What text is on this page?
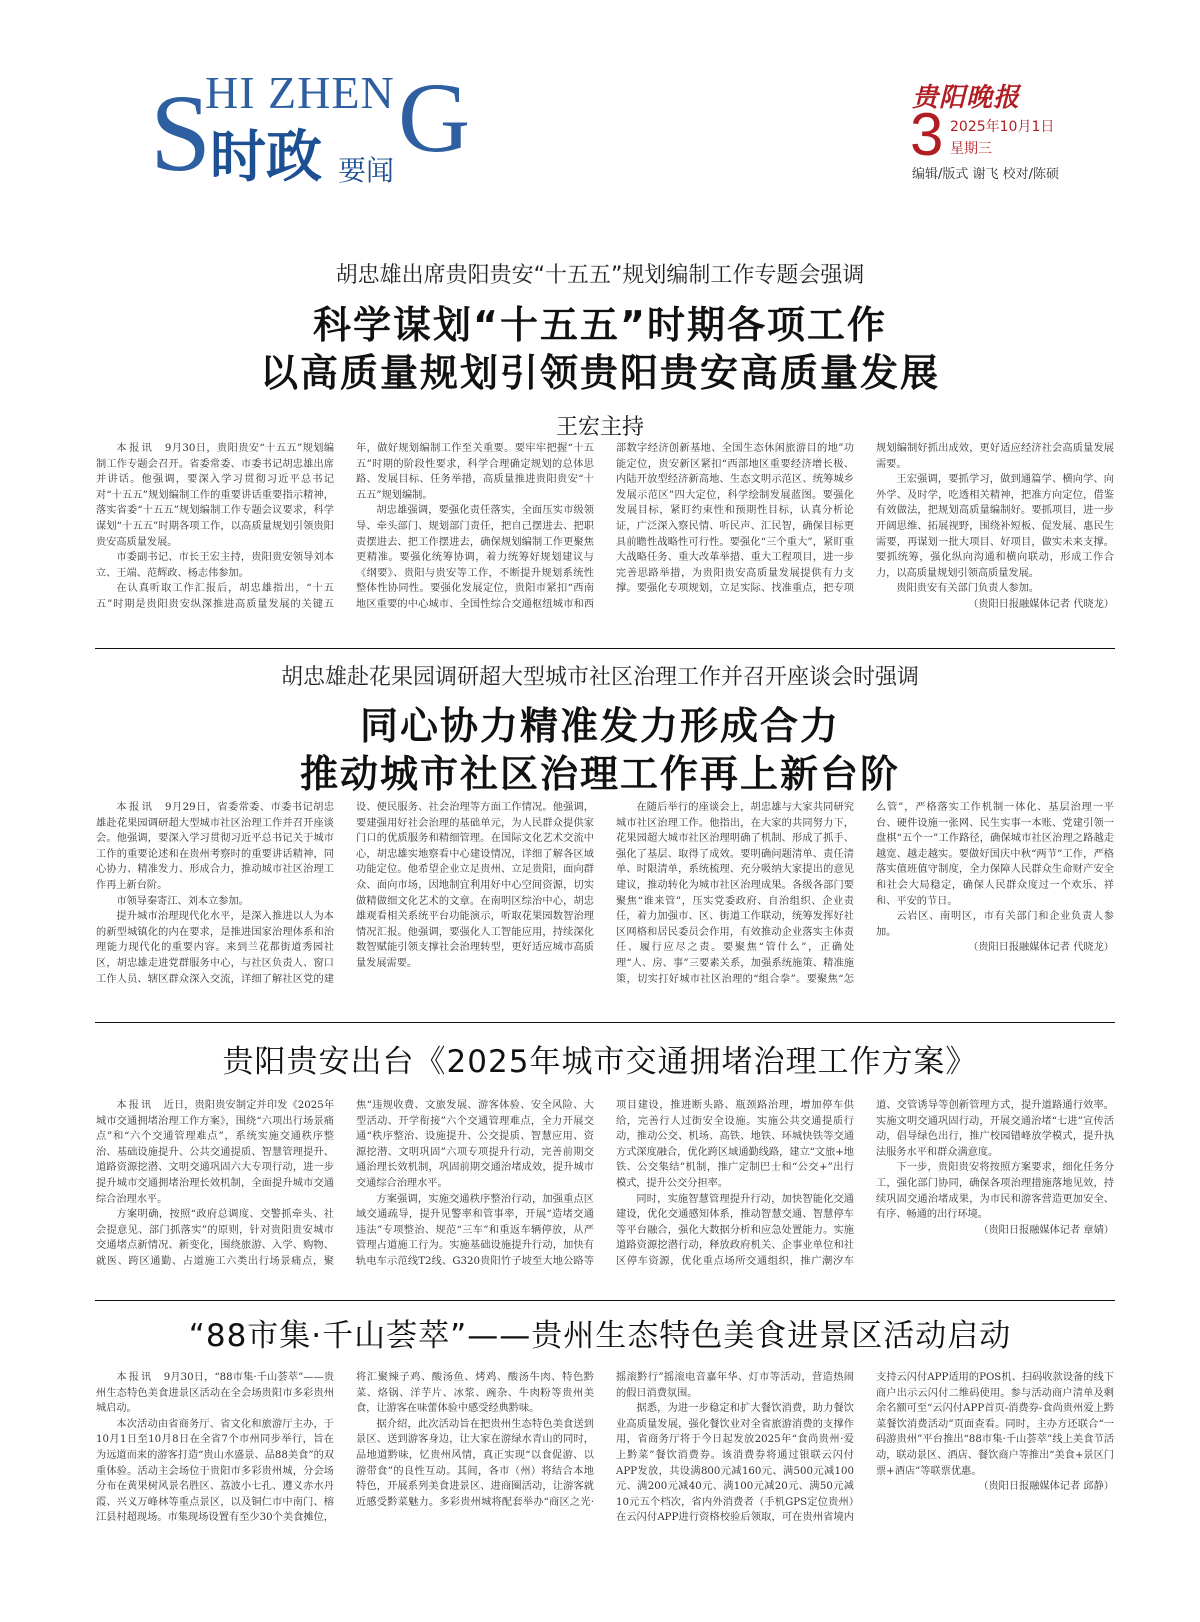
S
HI ZHEN G
时政 要闻
贵阳晚报
3 2025年10月1日
星期三
编辑/版式 谢飞 校对/陈硕
胡忠雄出席贵阳贵安“十五五”规划编制工作专题会强调
科学谋划“十五五”时期各项工作
以高质量规划引领贵阳贵安高质量发展
王宏主持

本报讯　 9月30日，贵阳贵安“十五五”规划编制工作专题会召开。省委常委、市委书记胡忠雄出席并讲话。他强调，要深入学习贯彻习近平总书记对“十五五”规划编制工作的重要讲话重要指示精神，落实省委“十五五”规划编制工作专题会议要求，科学谋划“十五五”时期各项工作，以高质量规划引领贵阳贵安高质量发展。

市委副书记、市长王宏主持，贵阳贵安领导刘本立、王端、范辉政、杨志伟参加。

在认真听取工作汇报后，胡忠雄指出，“十五五”时期是贵阳贵安纵深推进高质量发展的关键五年，做好规划编制工作至关重要。要牢牢把握“十五五”时期的阶段性要求，科学合理确定规划的总体思路、发展目标、任务举措，高质量推进贵阳贵安“十五五”规划编制。

胡忠雄强调，要强化责任落实，全面压实市级领导、牵头部门、规划部门责任，把自己摆进去、把职责摆进去、把工作摆进去，确保规划编制工作更聚焦更精准。要强化统筹协调，着力统筹好规划建议与《纲要》、贵阳与贵安等工作，不断提升规划系统性整体性协同性。要强化发展定位，贵阳市紧扣“西南地区重要的中心城市、全国性综合交通枢纽城市和西部数字经济创新基地、全国生态休闲旅游目的地”功能定位，贵安新区紧扣“西部地区重要经济增长极、内陆开放型经济新高地、生态文明示范区、统筹城乡发展示范区”四大定位，科学绘制发展蓝图。要强化发展目标，紧盯约束性和预期性目标，认真分析论证，广泛深入察民情、听民声、汇民智，确保目标更具前瞻性战略性可行性。要强化“三个重大”，紧盯重大战略任务、重大改革举措、重大工程项目，进一步完善思路举措，为贵阳贵安高质量发展提供有力支撑。要强化专项规划，立足实际、找准重点，把专项规划编制好抓出成效，更好适应经济社会高质量发展需要。

王宏强调，要抓学习，做到通篇学、横向学、向外学、及时学，吃透相关精神，把准方向定位，借鉴有效做法，把规划高质量编制好。要抓项目，进一步开阔思维、拓展视野，围绕补短板、促发展、惠民生需要，再谋划一批大项目、好项目，做实未来支撑。要抓统筹，强化纵向沟通和横向联动，形成工作合力，以高质量规划引领高质量发展。

贵阳贵安有关部门负责人参加。

（贵阳日报融媒体记者 代晓龙）
胡忠雄赴花果园调研超大型城市社区治理工作并召开座谈会时强调
同心协力精准发力形成合力
推动城市社区治理工作再上新台阶

本报讯　 9月29日，省委常委、市委书记胡忠雄赴花果园调研超大型城市社区治理工作并召开座谈会。他强调，要深入学习贯彻习近平总书记关于城市工作的重要论述和在贵州考察时的重要讲话精神，同心协力、精准发力、形成合力，推动城市社区治理工作再上新台阶。

市领导秦寄江、刘本立参加。

提升城市治理现代化水平，是深入推进以人为本的新型城镇化的内在要求，是推进国家治理体系和治理能力现代化的重要内容。来到兰花都街道秀园社区，胡忠雄走进党群服务中心，与社区负责人、窗口工作人员、辖区群众深入交流，详细了解社区党的建设、便民服务、社会治理等方面工作情况。他强调，要建强用好社会治理的基础单元，为人民群众提供家门口的优质服务和精细管理。在国际文化艺术交流中心，胡忠雄实地察看中心建设情况，详细了解各区域功能定位。他希望企业立足贵州、立足贵阳，面向群众、面向市场，因地制宜利用好中心空间资源，切实做精做细文化艺术的文章。在南明区综治中心，胡忠雄观看相关系统平台功能演示，听取花果园数智治理情况汇报。他强调，要强化人工智能应用，持续深化数智赋能引领支撑社会治理转型，更好适应城市高质量发展需要。

在随后举行的座谈会上，胡忠雄与大家共同研究城市社区治理工作。他指出，在大家的共同努力下，花果园超大城市社区治理明确了机制、形成了抓手、强化了基层、取得了成效。要明确问题清单、责任清单、时限清单，系统梳理、充分吸纳大家提出的意见建议，推动转化为城市社区治理成果。各级各部门要聚焦“谁来管”，压实党委政府、自治组织、企业责任，着力加强市、区、街道工作联动，统筹发挥好社区网格和居民委员会作用，有效推动企业落实主体责任、履行应尽之责。要聚焦“管什么”，正确处理“人、房、事”三要素关系，加强系统施策、精准施策，切实打好城市社区治理的“组合拳”。要聚焦“怎么管”，严格落实工作机制一体化、基层治理一平台、硬件设施一张网、民生实事一本账、党建引领一盘棋“五个一”工作路径，确保城市社区治理之路越走越宽、越走越实。要做好国庆中秋“两节”工作，严格落实值班值守制度，全力保障人民群众生命财产安全和社会大局稳定，确保人民群众度过一个欢乐、祥和、平安的节日。

云岩区、南明区，市有关部门和企业负责人参加。

（贵阳日报融媒体记者 代晓龙）
贵阳贵安出台《2025年城市交通拥堵治理工作方案》

本报讯　 近日，贵阳贵安制定并印发《2025年城市交通拥堵治理工作方案》，围绕“六项出行场景痛点”和“六个交通管理难点”，系统实施交通秩序整治、基础设施提升、公共交通提质、智慧管理提升、道路资源挖潜、文明交通巩固六大专项行动，进一步提升城市交通拥堵治理长效机制，全面提升城市交通综合治理水平。

方案明确，按照“政府总调度、交警抓牵头、社会提意见、部门抓落实”的原则，针对贵阳贵安城市交通堵点新情况、新变化，围绕旅游、入学、购物、就医、跨区通勤、占道施工六类出行场景痛点，聚焦“违规收费、文旅发展、游客体验、安全风险、大型活动、开学衔接”六个交通管理难点，全力开展交通“秩序整治、设施提升、公交提质、智慧应用、资源挖潜、文明巩固”六项专项提升行动，完善前期交通治理长效机制，巩固前期交通治堵成效，提升城市交通综合治理水平。

方案强调，实施交通秩序整治行动，加强重点区域交通疏导，提升见警率和管事率，开展“造堵交通违法”专项整治、规范“三车”和重返车辆停放，从严管理占道施工行为。实施基础设施提升行动，加快有轨电车示范线T2线、G320贵阳竹子坡至大地公路等项目建设，推进断头路、瓶颈路治理，增加停车供给，完善行人过街安全设施。实施公共交通提质行动，推动公交、机场、高铁、地铁、环城快铁等交通方式深度融合，优化跨区域通勤线路，建立“文旅+地铁、公交集结”机制，推广定制巴士和“公交+”出行模式，提升公交分担率。

同时，实施智慧管理提升行动，加快智能化交通建设，优化交通感知体系，推动智慧交通、智慧停车等平台融合，强化大数据分析和应急处置能力。实施道路资源挖潜行动，释放政府机关、企事业单位和社区停车资源，优化重点场所交通组织，推广潮汐车道、交管诱导等创新管理方式，提升道路通行效率。实施文明交通巩固行动，开展交通治堵“七进”宣传活动，倡导绿色出行，推广校园错峰放学模式，提升执法服务水平和群众满意度。

下一步，贵阳贵安将按照方案要求，细化任务分工，强化部门协同，确保各项治理措施落地见效，持续巩固交通治堵成果，为市民和游客营造更加安全、有序、畅通的出行环境。

（贵阳日报融媒体记者 章婧）
“88市集·千山荟萃”——贵州生态特色美食进景区活动启动

本报讯　 9月30日，“88市集·千山荟萃”——贵州生态特色美食进景区活动在全会场贵阳市多彩贵州城启动。

本次活动由省商务厅、省文化和旅游厅主办，于10月1日至10月8日在全省7个市州同步举行，旨在为远道而来的游客打造“贵山水盛景、品88美食”的双重体验。活动主会场位于贵阳市多彩贵州城，分会场分布在黄果树风景名胜区、荔波小七孔、遵义赤水丹霞、兴义万峰林等重点景区，以及铜仁市中南门、榕江县村超现场。市集现场设置有至少30个美食摊位，将汇聚辣子鸡、酸汤鱼、烤鸡、酸汤牛肉、特色黔菜、烙锅、洋芋片、冰浆、豌杂、牛肉粉等贵州美食，让游客在味蕾体验中感受经典黔味。

据介绍，此次活动旨在把贵州生态特色美食送到景区、送到游客身边，让大家在游绿水青山的同时，品地道黔味，忆贵州风情，真正实现“以食促游、以游带食”的良性互动。其间，各市（州）将结合本地特色，开展系列美食进景区、进商圈活动，让游客就近感受黔菜魅力。多彩贵州城将配套举办“商区之光·摇滚黔行”摇滚电音嘉年华、灯市等活动，营造热闹的假日消费氛围。

据悉，为进一步稳定和扩大餐饮消费，助力餐饮业高质量发展，强化餐饮业对全省旅游消费的支撑作用，省商务厅将于今日起发放2025年“食尚贵州·爱上黔菜”餐饮消费券。该消费券将通过银联云闪付APP发放，共设满800元减160元、满500元减100元、满200元减40元、满100元减20元、满50元减10元五个档次，省内外消费者（手机GPS定位贵州）在云闪付APP进行资格校验后领取，可在贵州省境内支持云闪付APP适用的POS机、扫码收款设备的线下商户出示云闪付二维码使用。参与活动商户清单及剩余名额可至“云闪付APP首页-消费券-食尚贵州爱上黔菜餐饮消费活动”页面查看。同时，主办方还联合“一码游贵州”平台推出“88市集·千山荟萃”线上美食节活动，联动景区、酒店、餐饮商户等推出“美食+景区门票+酒店”等联票优惠。

（贵阳日报融媒体记者 邱静）
